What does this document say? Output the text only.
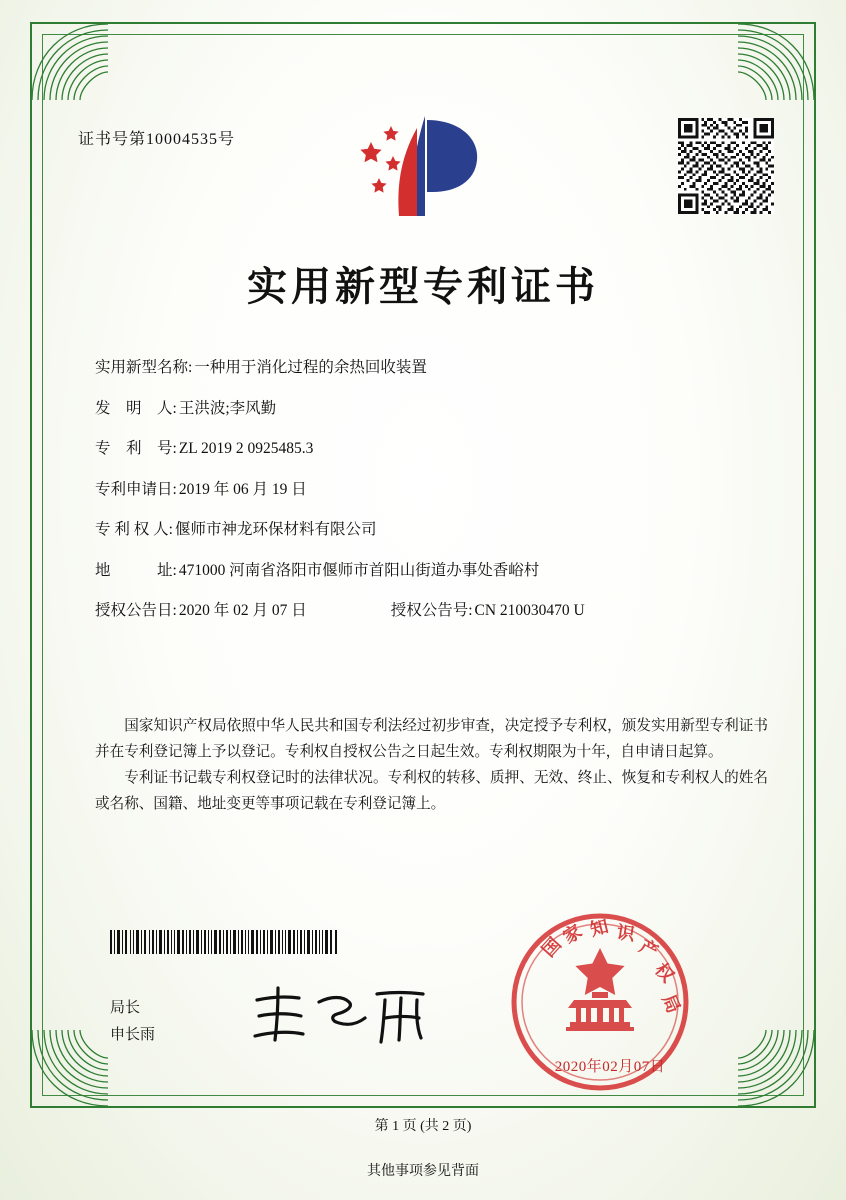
证书号第10004535号
实用新型专利证书
实用新型名称: 一种用于消化过程的余热回收装置
发　明　人: 王洪波;李风勤
专　利　号: ZL 2019 2 0925485.3
专利申请日: 2019 年 06 月 19 日
专 利 权 人: 偃师市神龙环保材料有限公司
地　　　址: 471000 河南省洛阳市偃师市首阳山街道办事处香峪村
授权公告日: 2020 年 02 月 07 日	授权公告号: CN 210030470 U

国家知识产权局依照中华人民共和国专利法经过初步审查，决定授予专利权，颁发实用新型专利证书并在专利登记簿上予以登记。专利权自授权公告之日起生效。专利权期限为十年，自申请日起算。

专利证书记载专利权登记时的法律状况。专利权的转移、质押、无效、终止、恢复和专利权人的姓名或名称、国籍、地址变更等事项记载在专利登记簿上。

局长
申长雨
国
家 知 识
产
权
局
2020年02月07日
第 1 页 (共 2 页)
其他事项参见背面
